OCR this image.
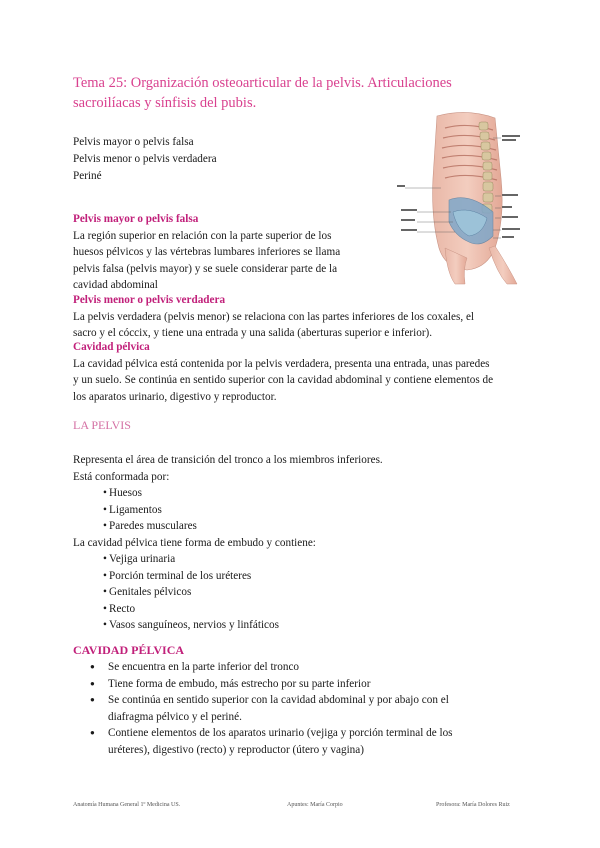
Tema 25: Organización osteoarticular de la pelvis. Articulaciones sacroilíacas y sínfisis del pubis.
Pelvis mayor o pelvis falsa
Pelvis menor o pelvis verdadera
Periné
Pelvis mayor o pelvis falsa
La región superior en relación con la parte superior de los
huesos pélvicos y las vértebras lumbares inferiores se llama
pelvis falsa (pelvis mayor) y se suele considerar parte de la
cavidad abdominal
Pelvis menor o pelvis verdadera
La pelvis verdadera (pelvis menor) se relaciona con las partes inferiores de los coxales, el
sacro y el cóccix, y tiene una entrada y una salida (aberturas superior e inferior).
Cavidad pélvica
La cavidad pélvica está contenida por la pelvis verdadera, presenta una entrada, unas paredes
y un suelo. Se continúa en sentido superior con la cavidad abdominal y contiene elementos de
los aparatos urinario, digestivo y reproductor.
LA PELVIS
Representa el área de transición del tronco a los miembros inferiores.
Está conformada por:
• Huesos
• Ligamentos
• Paredes musculares
La cavidad pélvica tiene forma de embudo y contiene:
• Vejiga urinaria
• Porción terminal de los uréteres
• Genitales pélvicos
• Recto
• Vasos sanguíneos, nervios y linfáticos
CAVIDAD PÉLVICA
● Se encuentra en la parte inferior del tronco
● Tiene forma de embudo, más estrecho por su parte inferior
● Se continúa en sentido superior con la cavidad abdominal y por abajo con el
diafragma pélvico y el periné.
● Contiene elementos de los aparatos urinario (vejiga y porción terminal de los
uréteres), digestivo (recto) y reproductor (útero y vagina)
Anatomía Humana General 1º Medicina US.	Apuntes: María Corpio	Profesora: María Dolores Ruiz
